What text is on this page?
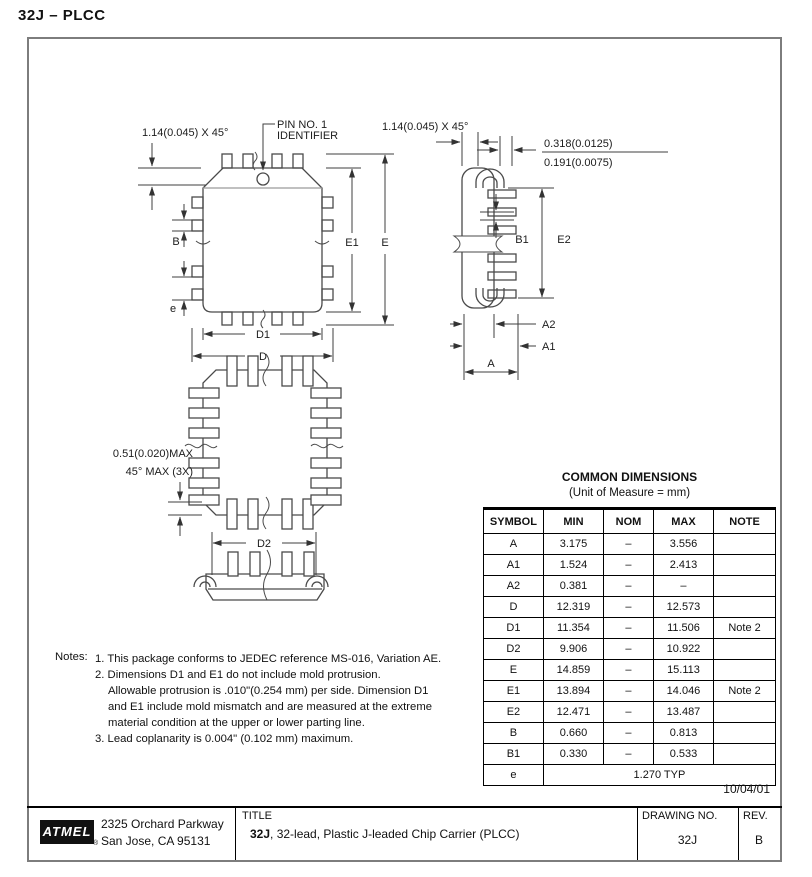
32J – PLCC
1.14(0.045) X 45°
PIN NO. 1
IDENTIFIER
B
e
E1 E
D1
D
1.14(0.045) X 45°
0.318(0.0125)
0.191(0.0075)
B1	E2
A2
A1
A
0.51(0.020)MAX
45° MAX (3X)
D2
COMMON DIMENSIONS
(Unit of Measure = mm)
SYMBOL	MIN	NOM	MAX	NOTE
A	3.175	–	3.556	
A1	1.524	–	2.413	
A2	0.381	–	–	
D	12.319	–	12.573	
D1	11.354	–	11.506	Note 2
D2	9.906	–	10.922	
E	14.859	–	15.113	
E1	13.894	–	14.046	Note 2
E2	12.471	–	13.487	
B	0.660	–	0.813	
B1	0.330	–	0.533	
e	1.270 TYP			
10/04/01
Notes: 1. This package conforms to JEDEC reference MS-016, Variation AE.
2. Dimensions D1 and E1 do not include mold protrusion.
Allowable protrusion is .010"(0.254 mm) per side. Dimension D1
and E1 include mold mismatch and are measured at the extreme
material condition at the upper or lower parting line.
3. Lead coplanarity is 0.004" (0.102 mm) maximum.
ATMEL
®
2325 Orchard Parkway
San Jose, CA 95131
TITLE
32J, 32-lead, Plastic J-leaded Chip Carrier (PLCC)
DRAWING NO.
32J
REV.
B
